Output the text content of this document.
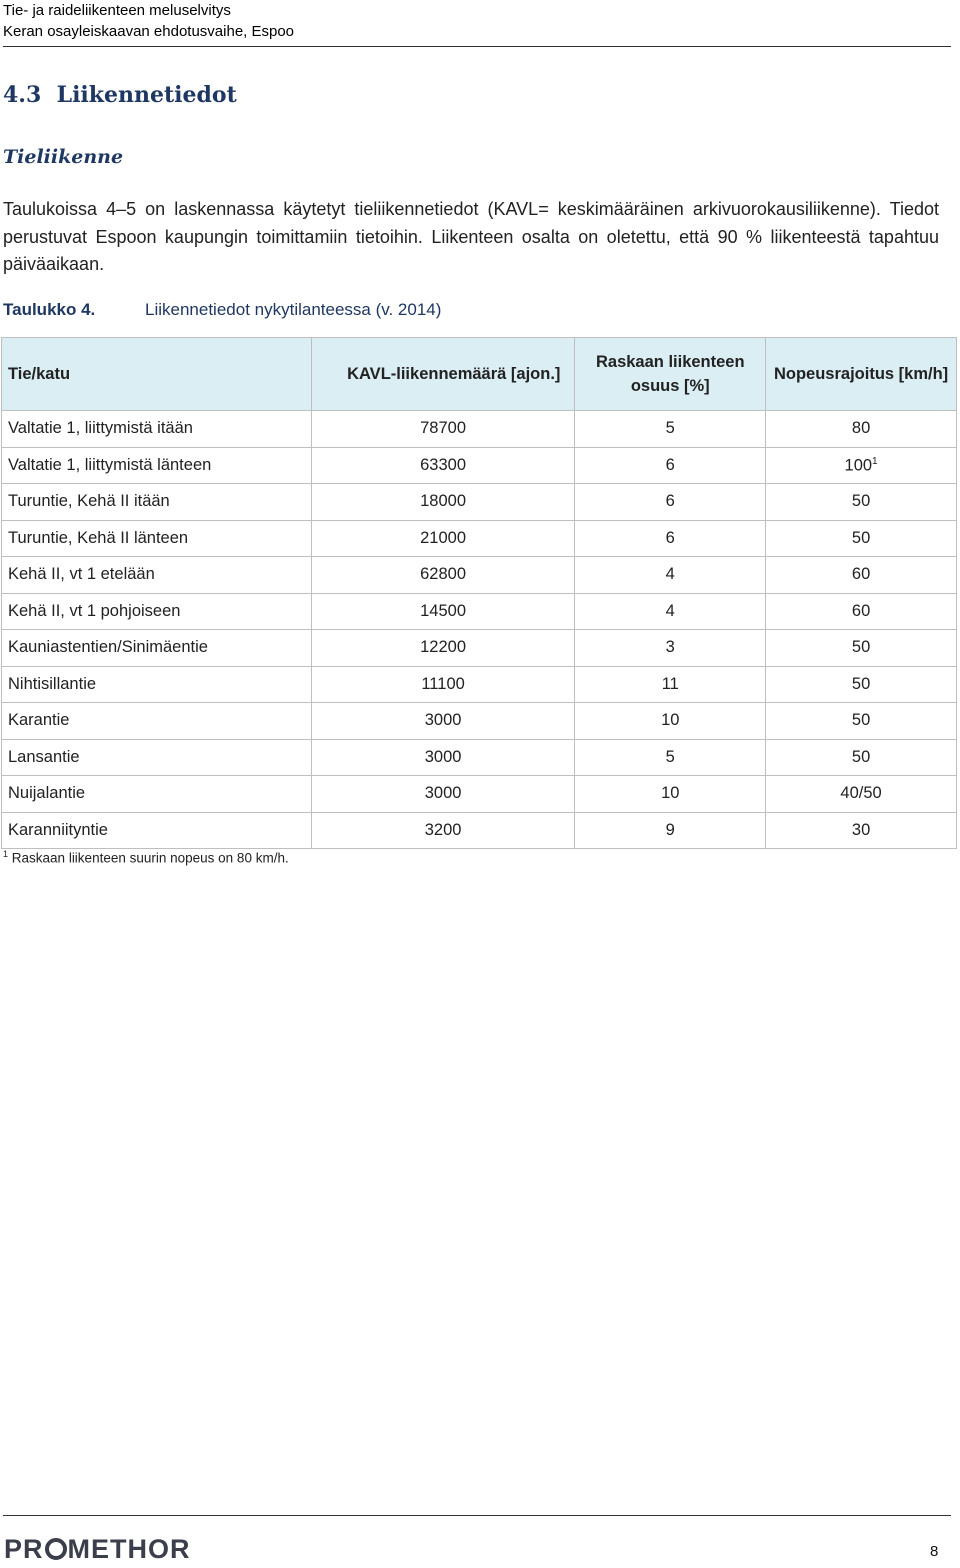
Tie- ja raideliikenteen meluselvitys
Keran osayleiskaavan ehdotusvaihe, Espoo
4.3 Liikennetiedot
Tieliikenne
Taulukoissa 4–5 on laskennassa käytetyt tieliikennetiedot (KAVL= keskimääräinen arkivuorokausiliikenne). Tiedot perustuvat Espoon kaupungin toimittamiin tietoihin. Liikenteen osalta on oletettu, että 90 % liikenteestä tapahtuu päiväaikaan.
Taulukko 4.	Liikennetiedot nykytilanteessa (v. 2014)
Tie/katu	KAVL-liikennemäärä [ajon.]	Raskaan liikenteen osuus [%]	Nopeusrajoitus [km/h]
Valtatie 1, liittymistä itään	78700	5	80
Valtatie 1, liittymistä länteen	63300	6	$100^1$
Turuntie, Kehä II itään	18000	6	50
Turuntie, Kehä II länteen	21000	6	50
Kehä II, vt 1 etelään	62800	4	60
Kehä II, vt 1 pohjoiseen	14500	4	60
Kauniastentien/Sinimäentie	12200	3	50
Nihtisillantie	11100	11	50
Karantie	3000	10	50
Lansantie	3000	5	50
Nuijalantie	3000	10	40/50
Karanniityntie	3200	9	30
$^1$ Raskaan liikenteen suurin nopeus on 80 km/h.
PR METHOR	8
